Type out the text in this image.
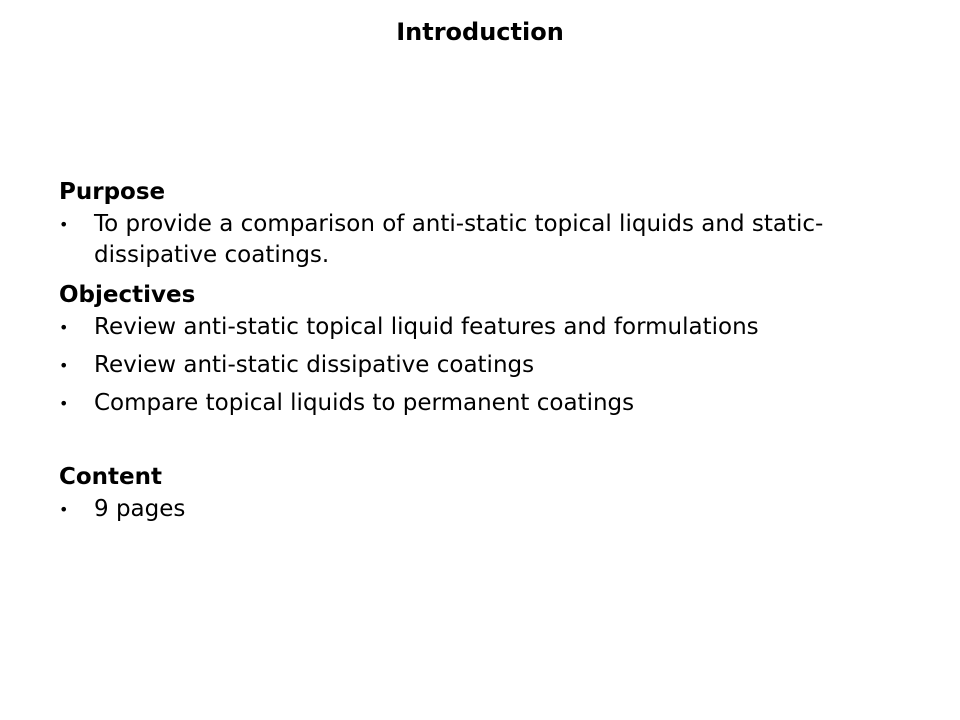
Introduction
Purpose
• To provide a comparison of anti-static topical liquids and static-dissipative coatings.
Objectives
• Review anti-static topical liquid features and formulations
• Review anti-static dissipative coatings
• Compare topical liquids to permanent coatings
Content
• 9 pages
